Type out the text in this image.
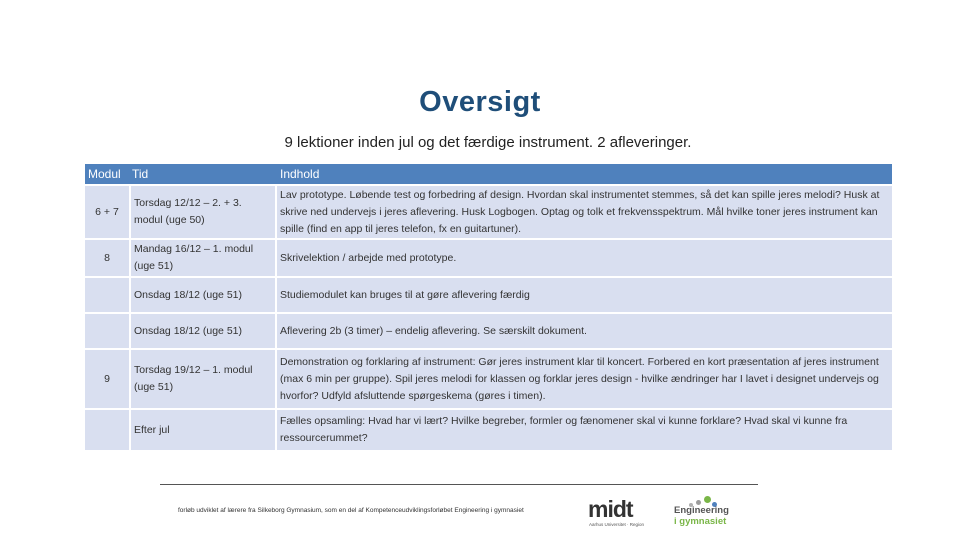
Oversigt
9 lektioner inden jul og det færdige instrument. 2 afleveringer.
Modul	Tid	Indhold
6 + 7	Torsdag 12/12 – 2. + 3. modul (uge 50)	Lav prototype. Løbende test og forbedring af design. Hvordan skal instrumentet stemmes, så det kan spille jeres melodi? Husk at skrive ned undervejs i jeres aflevering. Husk Logbogen. Optag og tolk et frekvensspektrum. Mål hvilke toner jeres instrument kan spille (find en app til jeres telefon, fx en guitartuner).
8	Mandag 16/12 – 1. modul (uge 51)	Skrivelektion / arbejde med prototype.
	Onsdag 18/12 (uge 51)	Studiemodulet kan bruges til at gøre aflevering færdig
	Onsdag 18/12 (uge 51)	Aflevering 2b (3 timer) – endelig aflevering. Se særskilt dokument.
9	Torsdag 19/12 – 1. modul (uge 51)	Demonstration og forklaring af instrument: Gør jeres instrument klar til koncert. Forbered en kort præsentation af jeres instrument (max 6 min per gruppe). Spil jeres melodi for klassen og forklar jeres design - hvilke ændringer har I lavet i designet undervejs og hvorfor? Udfyld afsluttende spørgeskema (gøres i timen).
	Efter jul	Fælles opsamling: Hvad har vi lært? Hvilke begreber, formler og fænomener skal vi kunne forklare? Hvad skal vi kunne fra ressourcerummet?
forløb udviklet af lærere fra Silkeborg Gymnasium, som en del af Kompetenceudviklingsforløbet Engineering i gymnasiet	midt
Aarhus Universitet · Region
Engineering
i gymnasiet
